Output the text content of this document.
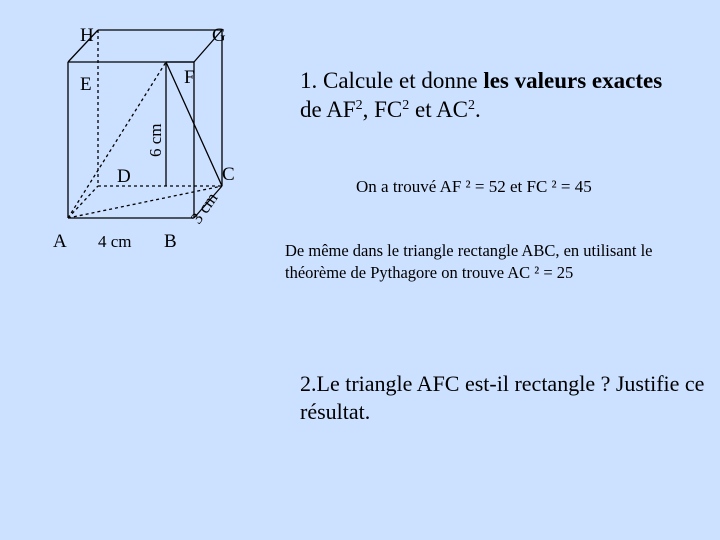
H	G
E	F
D	C
A	B
4 cm
6 cm
3 cm

1. Calcule et donne les valeurs exactes
de $AF^2$, $FC^2$ et $AC^2$.

On a trouvé AF ² = 52 et FC ² = 45

De même dans le triangle rectangle ABC, en utilisant le théorème de Pythagore on trouve AC ² = 25

2.Le triangle AFC est-il rectangle ? Justifie ce résultat.
